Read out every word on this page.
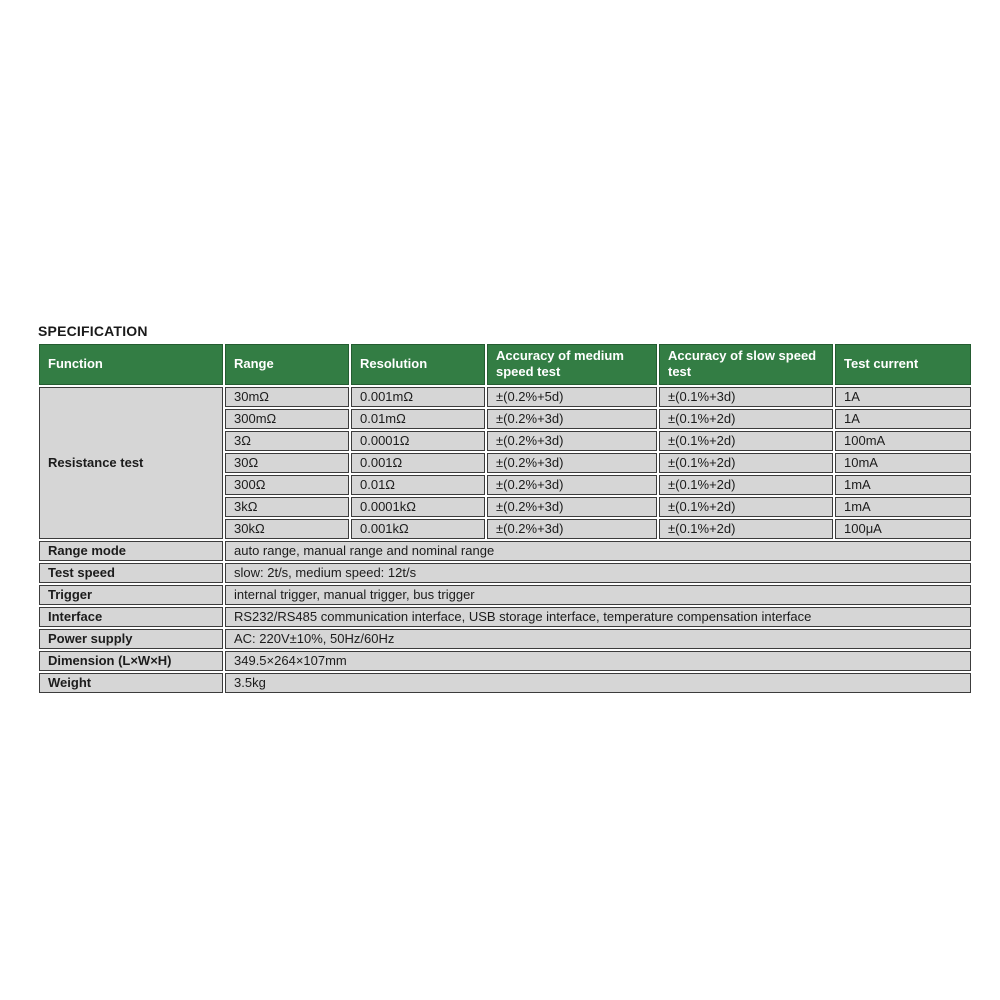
SPECIFICATION
Function	Range	Resolution	Accuracy of medium speed test	Accuracy of slow speed test	Test current
Resistance test	30mΩ	0.001mΩ	±(0.2%+5d)	±(0.1%+3d)	1A
	300mΩ	0.01mΩ	±(0.2%+3d)	±(0.1%+2d)	1A
	3Ω	0.0001Ω	±(0.2%+3d)	±(0.1%+2d)	100mA
	30Ω	0.001Ω	±(0.2%+3d)	±(0.1%+2d)	10mA
	300Ω	0.01Ω	±(0.2%+3d)	±(0.1%+2d)	1mA
	3kΩ	0.0001kΩ	±(0.2%+3d)	±(0.1%+2d)	1mA
	30kΩ	0.001kΩ	±(0.2%+3d)	±(0.1%+2d)	100μA
Range mode	auto range, manual range and nominal range				
Test speed	slow: 2t/s, medium speed: 12t/s				
Trigger	internal trigger, manual trigger, bus trigger				
Interface	RS232/RS485 communication interface, USB storage interface, temperature compensation interface				
Power supply	AC: 220V±10%, 50Hz/60Hz				
Dimension (L×W×H)	349.5×264×107mm				
Weight	3.5kg				
